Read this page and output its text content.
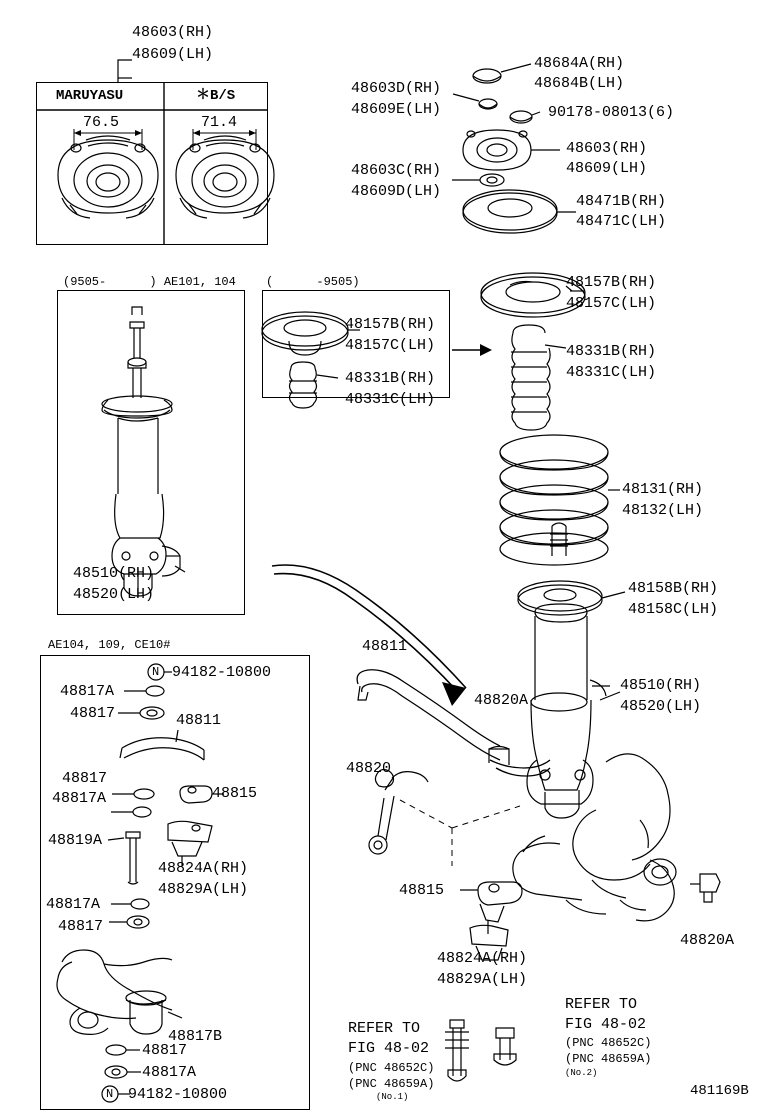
48603(RH)
48609(LH)
MARUYASU	＊B/S
76.5	71.4
48684A(RH)
48684B(LH)
48603D(RH)
48609E(LH)	90178-08013(6)
48603(RH)
48609(LH)
48603C(RH)
48609D(LH)
48471B(RH)
48471C(LH)
(9505-      ) AE101, 104
48510(RH)
48520(LH)
(      -9505)
48157B(RH)
48157C(LH)
48331B(RH)
48331C(LH)
48157B(RH)
48157C(LH)
48331B(RH)
48331C(LH)
48131(RH)
48132(LH)
48158B(RH)
48158C(LH)
48510(RH)
48520(LH)
AE104, 109, CE10#
94182-10800
48817A
48817	48811
48817
48817A	48815
48819A
48824A(RH)
48829A(LH)
48817A
48817
48817B
48817
48817A
94182-10800
N
N
48811
48820A
48820
48815
48824A(RH)
48829A(LH)
48820A
REFER TO
FIG 48-02
(PNC 48652C)
(PNC 48659A)
(No.1)
REFER TO
FIG 48-02
(PNC 48652C)
(PNC 48659A)
(No.2)
481169B
